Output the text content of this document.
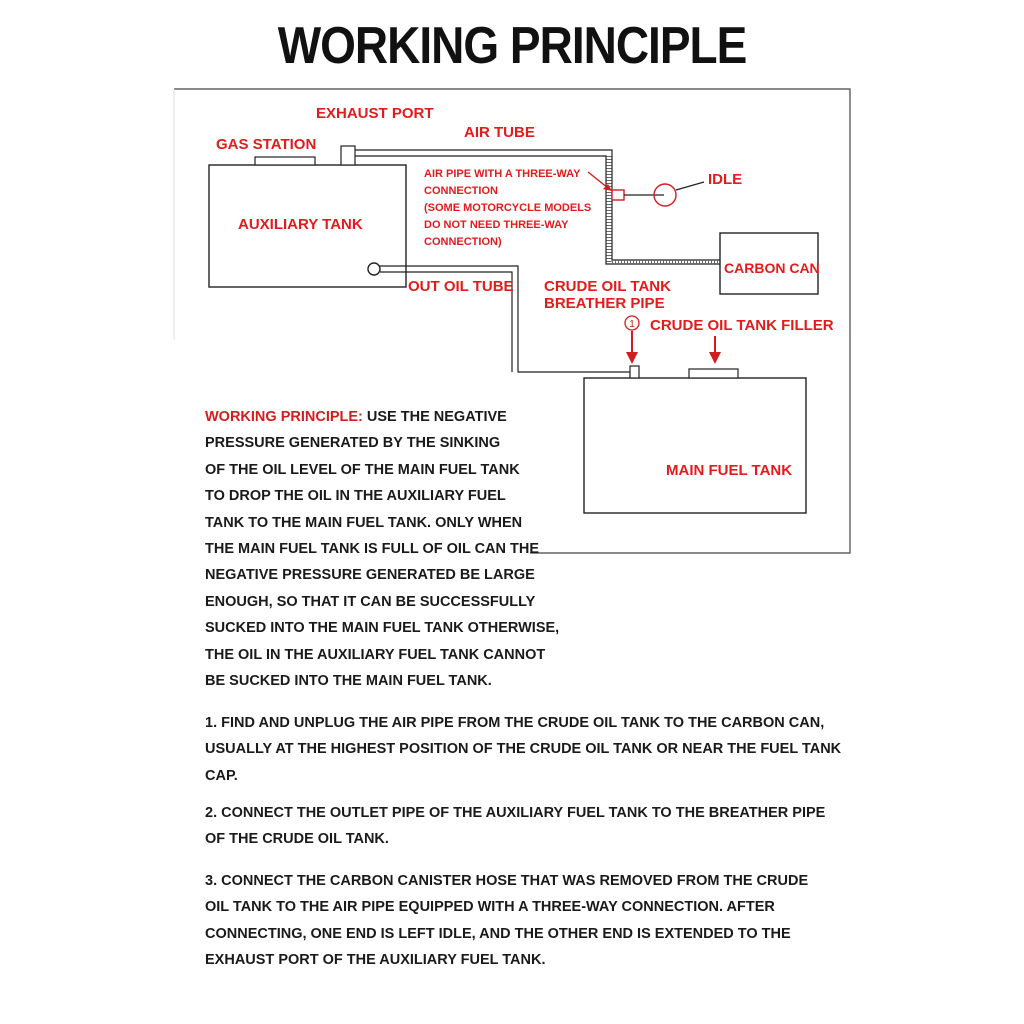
WORKING PRINCIPLE
1
EXHAUST PORT
GAS STATION
AIR TUBE
AUXILIARY TANK
AIR PIPE WITH A THREE-WAY
CONNECTION
(SOME MOTORCYCLE MODELS
DO NOT NEED THREE-WAY
CONNECTION)
IDLE
CARBON CAN
OUT OIL TUBE CRUDE OIL TANK
BREATHER PIPE
CRUDE OIL TANK FILLER
MAIN FUEL TANK
WORKING PRINCIPLE: USE THE NEGATIVE
PRESSURE GENERATED BY THE SINKING
OF THE OIL LEVEL OF THE MAIN FUEL TANK
TO DROP THE OIL IN THE AUXILIARY FUEL
TANK TO THE MAIN FUEL TANK. ONLY WHEN
THE MAIN FUEL TANK IS FULL OF OIL CAN THE
NEGATIVE PRESSURE GENERATED BE LARGE
ENOUGH, SO THAT IT CAN BE SUCCESSFULLY
SUCKED INTO THE MAIN FUEL TANK OTHERWISE,
THE OIL IN THE AUXILIARY FUEL TANK CANNOT
BE SUCKED INTO THE MAIN FUEL TANK.
1. FIND AND UNPLUG THE AIR PIPE FROM THE CRUDE OIL TANK TO THE CARBON CAN,
USUALLY AT THE HIGHEST POSITION OF THE CRUDE OIL TANK OR NEAR THE FUEL TANK
CAP.
2. CONNECT THE OUTLET PIPE OF THE AUXILIARY FUEL TANK TO THE BREATHER PIPE
OF THE CRUDE OIL TANK.
3. CONNECT THE CARBON CANISTER HOSE THAT WAS REMOVED FROM THE CRUDE
OIL TANK TO THE AIR PIPE EQUIPPED WITH A THREE-WAY CONNECTION. AFTER
CONNECTING, ONE END IS LEFT IDLE, AND THE OTHER END IS EXTENDED TO THE
EXHAUST PORT OF THE AUXILIARY FUEL TANK.
